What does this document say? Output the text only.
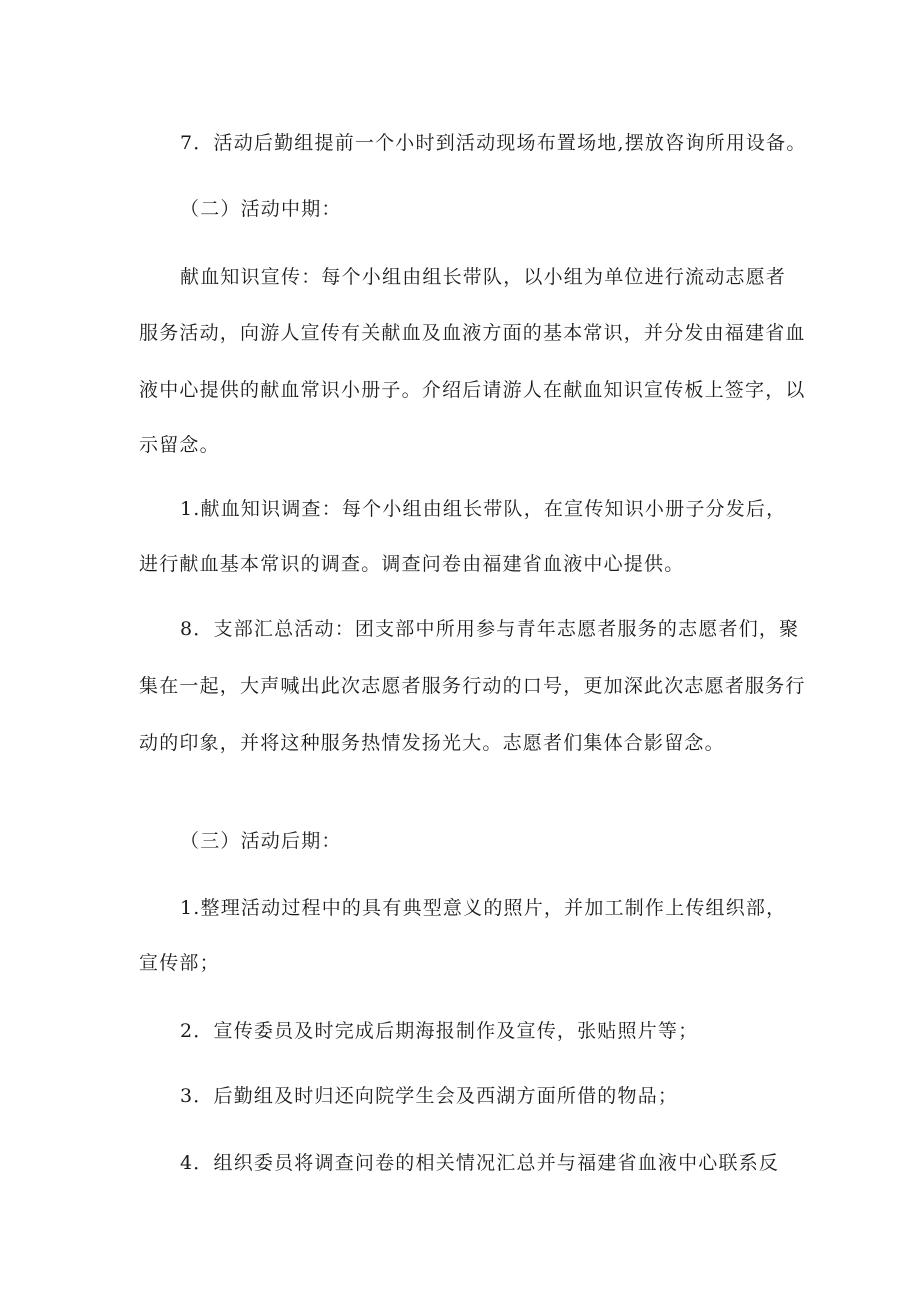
7．活动后勤组提前一个小时到活动现场布置场地,摆放咨询所用设备。
（二）活动中期：
献血知识宣传：每个小组由组长带队，以小组为单位进行流动志愿者
服务活动，向游人宣传有关献血及血液方面的基本常识，并分发由福建省血
液中心提供的献血常识小册子。介绍后请游人在献血知识宣传板上签字，以
示留念。
1.献血知识调查：每个小组由组长带队，在宣传知识小册子分发后，
进行献血基本常识的调查。调查问卷由福建省血液中心提供。
8．支部汇总活动：团支部中所用参与青年志愿者服务的志愿者们，聚
集在一起，大声喊出此次志愿者服务行动的口号，更加深此次志愿者服务行
动的印象，并将这种服务热情发扬光大。志愿者们集体合影留念。
（三）活动后期：
1.整理活动过程中的具有典型意义的照片，并加工制作上传组织部，
宣传部；
2．宣传委员及时完成后期海报制作及宣传，张贴照片等；
3．后勤组及时归还向院学生会及西湖方面所借的物品；
4．组织委员将调查问卷的相关情况汇总并与福建省血液中心联系反
